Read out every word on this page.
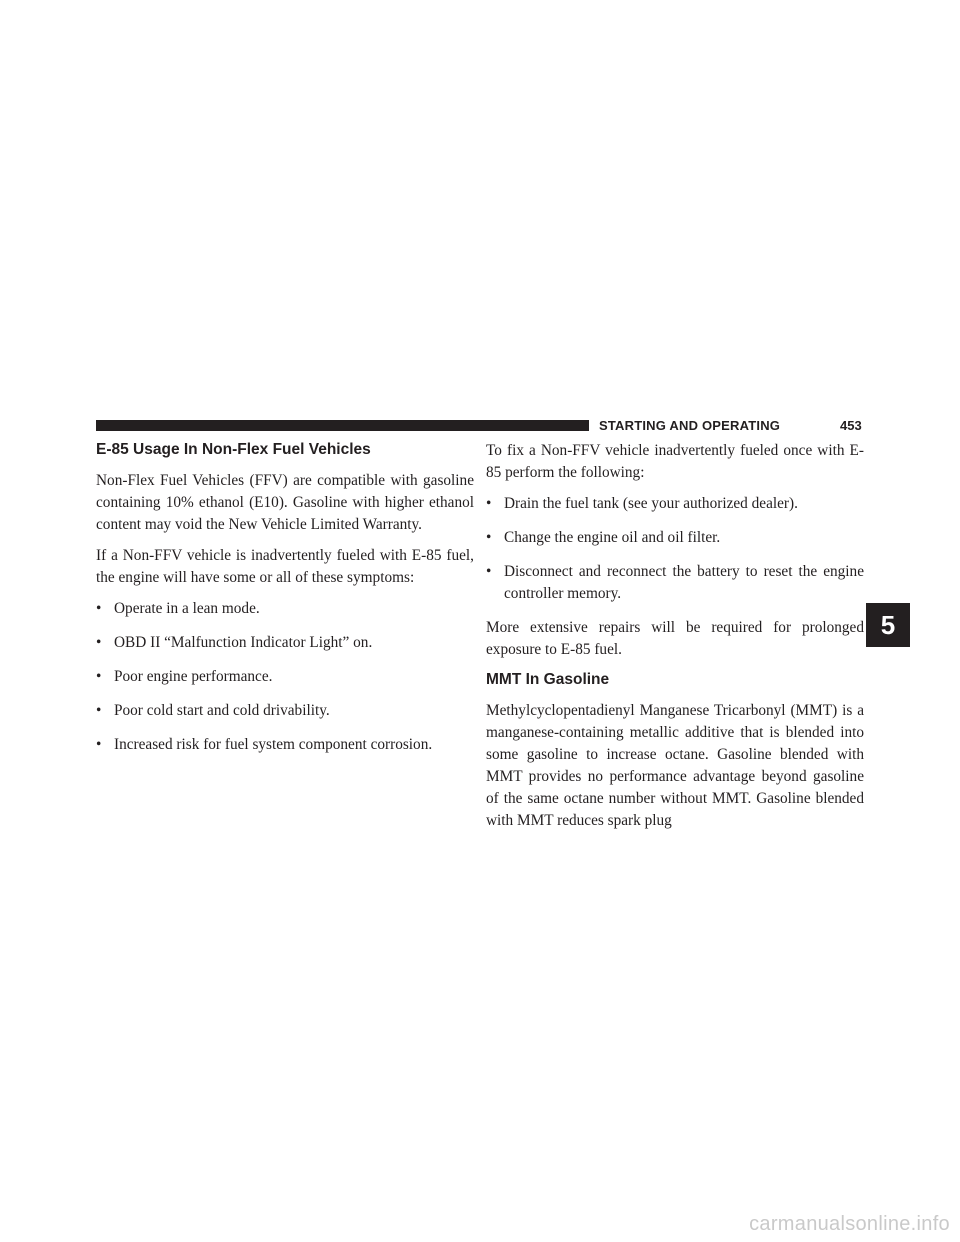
STARTING AND OPERATING	453
E-85 Usage In Non-Flex Fuel Vehicles

Non-Flex Fuel Vehicles (FFV) are compatible with gasoline containing 10% ethanol (E10). Gasoline with higher ethanol content may void the New Vehicle Limited Warranty.

If a Non-FFV vehicle is inadvertently fueled with E-85 fuel, the engine will have some or all of these symptoms:

• Operate in a lean mode.
• OBD II “Malfunction Indicator Light” on.
• Poor engine performance.
• Poor cold start and cold drivability.
• Increased risk for fuel system component corrosion.

To fix a Non-FFV vehicle inadvertently fueled once with E-85 perform the following:

• Drain the fuel tank (see your authorized dealer).
• Change the engine oil and oil filter.
• Disconnect and reconnect the battery to reset the engine controller memory.

More extensive repairs will be required for prolonged exposure to E-85 fuel.

MMT In Gasoline

Methylcyclopentadienyl Manganese Tricarbonyl (MMT) is a manganese-containing metallic additive that is blended into some gasoline to increase octane. Gasoline blended with MMT provides no performance advantage beyond gasoline of the same octane number without MMT. Gasoline blended with MMT reduces spark plug

5
carmanualsonline.info
